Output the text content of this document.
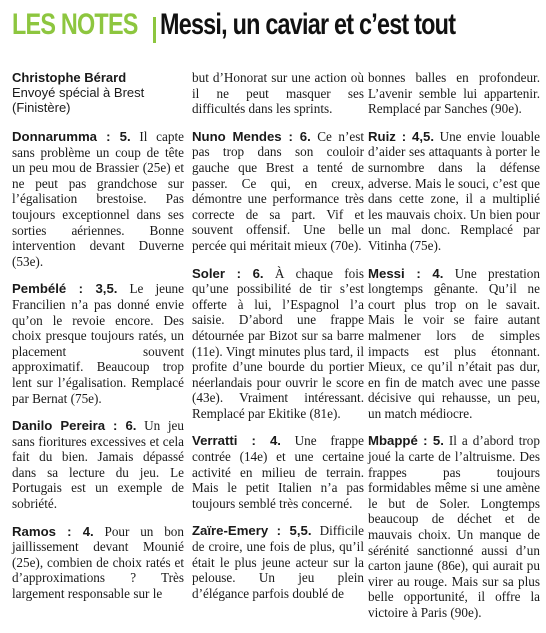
LES NOTES Messi, un caviar et c’est tout
Christophe Bérard
Envoyé spécial à Brest
(Finistère)

Donnarumma : 5. Il capte sans problème un coup de tête un peu mou de Brassier (25e) et ne peut pas grandchose sur l’égalisation brestoise. Pas toujours exceptionnel dans ses sorties aériennes. Bonne intervention devant Duverne (53e).

Pembélé : 3,5. Le jeune Francilien n’a pas donné envie qu’on le revoie encore. Des choix presque toujours ratés, un placement souvent approximatif. Beaucoup trop lent sur l’égalisation. Remplacé par Bernat (75e).

Danilo Pereira : 6. Un jeu sans fioritures excessives et cela fait du bien. Jamais dépassé dans sa lecture du jeu. Le Portugais est un exemple de sobriété.

Ramos : 4. Pour un bon jaillissement devant Mounié (25e), combien de choix ratés et d’approximations ? Très largement responsable sur le

but d’Honorat sur une action où il ne peut masquer ses difficultés dans les sprints.

Nuno Mendes : 6. Ce n’est pas trop dans son couloir gauche que Brest a tenté de passer. Ce qui, en creux, démontre une performance très correcte de sa part. Vif et souvent offensif. Une belle percée qui méritait mieux (70e).

Soler : 6. À chaque fois qu’une possibilité de tir s’est offerte à lui, l’Espagnol l’a saisie. D’abord une frappe détournée par Bizot sur sa barre (11e). Vingt minutes plus tard, il profite d’une bourde du portier néerlandais pour ouvrir le score (43e). Vraiment intéressant. Remplacé par Ekitike (81e).

Verratti : 4. Une frappe contrée (14e) et une certaine activité en milieu de terrain. Mais le petit Italien n’a pas toujours semblé très concerné.

Zaïre-Emery : 5,5. Difficile de croire, une fois de plus, qu’il était le plus jeune acteur sur la pelouse. Un jeu plein d’élégance parfois doublé de

bonnes balles en profondeur. L’avenir semble lui appartenir. Remplacé par Sanches (90e).

Ruiz : 4,5. Une envie louable d’aider ses attaquants à porter le surnombre dans la défense adverse. Mais le souci, c’est que dans cette zone, il a multiplié les mauvais choix. Un bien pour un mal donc. Remplacé par Vitinha (75e).

Messi : 4. Une prestation longtemps gênante. Qu’il ne court plus trop on le savait. Mais le voir se faire autant malmener lors de simples impacts est plus étonnant. Mieux, ce qu’il n’était pas dur, en fin de match avec une passe décisive qui rehausse, un peu, un match médiocre.

Mbappé : 5. Il a d’abord trop joué la carte de l’altruisme. Des frappes pas toujours formidables même si une amène le but de Soler. Longtemps beaucoup de déchet et de mauvais choix. Un manque de sérénité sanctionné aussi d’un carton jaune (86e), qui aurait pu virer au rouge. Mais sur sa plus belle opportunité, il offre la victoire à Paris (90e).
